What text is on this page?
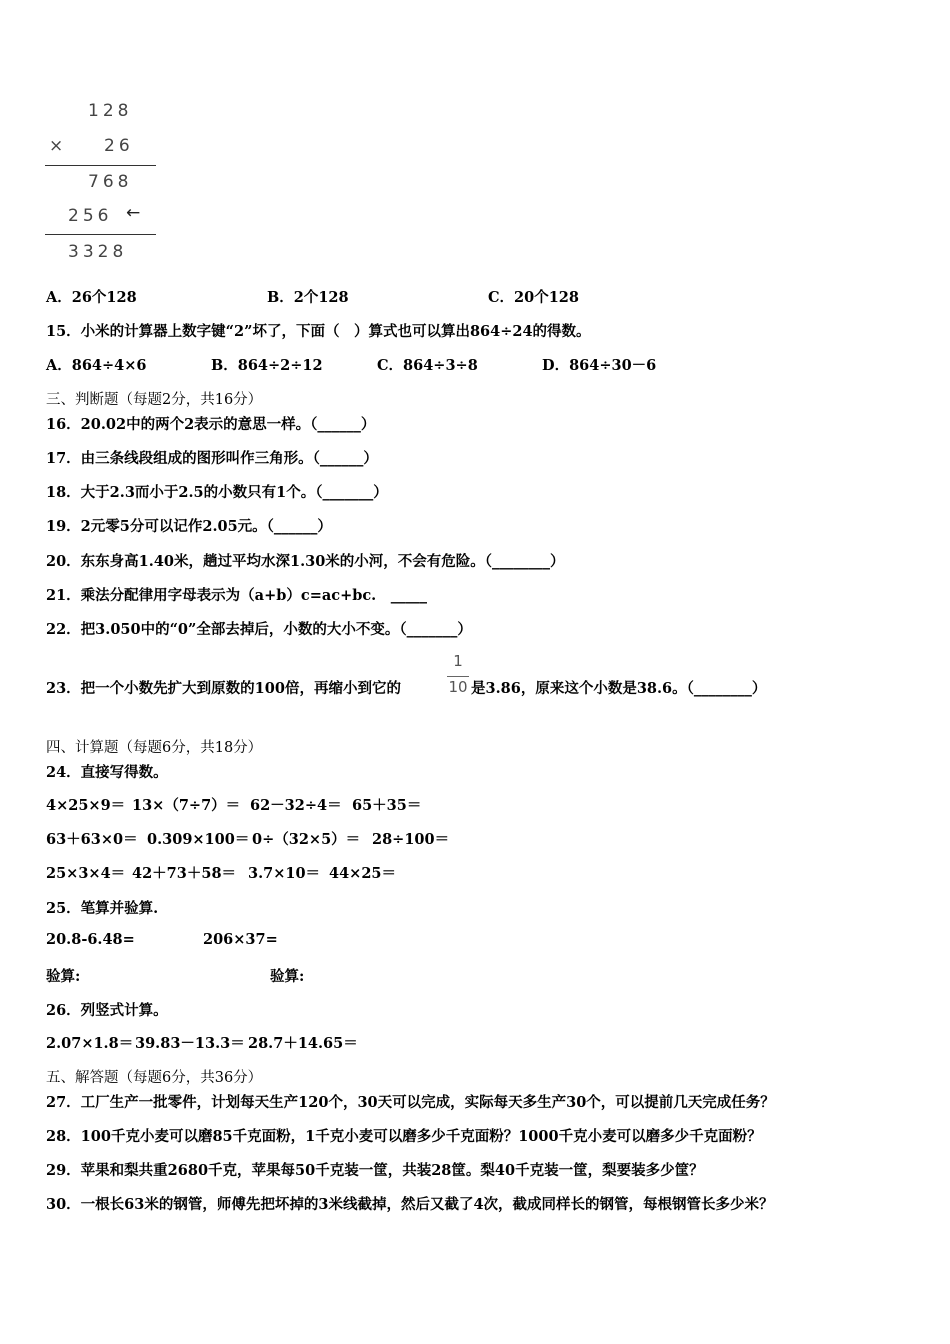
128
× 26
768
256 ←
3328
A．26个128	B．2个128	C．20个128
15．小米的计算器上数字键“2”坏了，下面（　）算式也可以算出864÷24的得数。
A．864÷4×6	B．864÷2÷12	C．864÷3÷8	D．864÷30－6
三、判断题（每题2分，共16分）
16．20.02中的两个2表示的意思一样。（______）
17．由三条线段组成的图形叫作三角形。（______）
18．大于2.3而小于2.5的小数只有1个。（_______）
19．2元零5分可以记作2.05元。（______）
20．东东身高1.40米，趟过平均水深1.30米的小河，不会有危险。（________）
21．乘法分配律用字母表示为（a+b）c=ac+bc.　_____
22．把3.050中的“0”全部去掉后，小数的大小不变。（_______）
23．把一个小数先扩大到原数的100倍，再缩小到它的
1
10 是3.86，原来这个小数是38.6。（________）
四、计算题（每题6分，共18分）
24．直接写得数。
4×25×9＝ 13×（7÷7）＝ 62－32÷4＝ 65＋35＝
63＋63×0＝ 0.309×100＝ 0÷（32×5）＝ 28÷100＝
25×3×4＝ 42＋73＋58＝ 3.7×10＝ 44×25＝
25．笔算并验算.
20.8-6.48=	206×37=
验算:	验算:
26．列竖式计算。
2.07×1.8＝ 39.83－13.3＝ 28.7＋14.65＝
五、解答题（每题6分，共36分）
27．工厂生产一批零件，计划每天生产120个，30天可以完成，实际每天多生产30个，可以提前几天完成任务？
28．100千克小麦可以磨85千克面粉，1千克小麦可以磨多少千克面粉？1000千克小麦可以磨多少千克面粉？
29．苹果和梨共重2680千克，苹果每50千克装一筐，共装28筐。梨40千克装一筐，梨要装多少筐？
30．一根长63米的钢管，师傅先把坏掉的3米线截掉，然后又截了4次，截成同样长的钢管，每根钢管长多少米？
